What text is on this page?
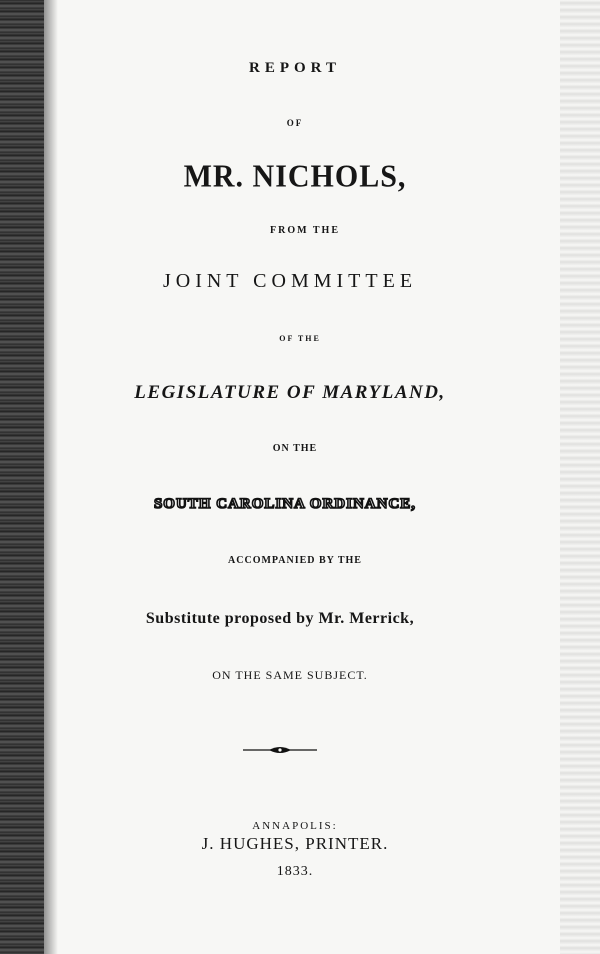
REPORT
OF
MR. NICHOLS,
FROM THE
JOINT COMMITTEE
OF THE
LEGISLATURE OF MARYLAND,
ON THE
SOUTH CAROLINA ORDINANCE,
ACCOMPANIED BY THE
Substitute proposed by Mr. Merrick,
ON THE SAME SUBJECT.
ANNAPOLIS:
J. HUGHES, PRINTER.
1833.
